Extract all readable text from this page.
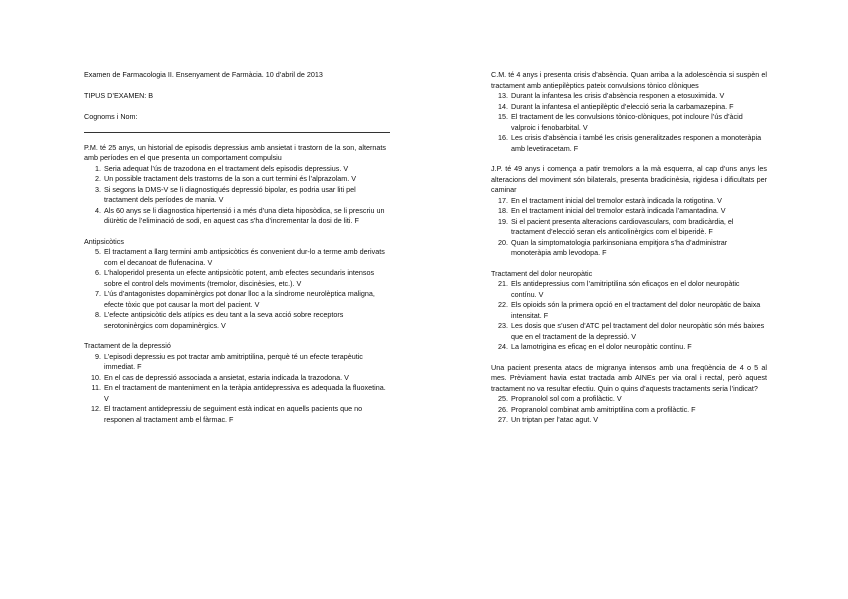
Examen de Farmacologia II. Ensenyament de Farmàcia. 10 d’abril de 2013

TIPUS D’EXAMEN: B

Cognoms i Nom:

P.M. té 25 anys, un historial de episodis depressius amb ansietat i trastorn de la son, alternats amb períodes en el que presenta un comportament compulsiu

1. Seria adequat l’ús de trazodona en el tractament dels episodis depressius. V
2. Un possible tractament dels trastorns de la son a curt termini és l’alprazolam. V
3. Si segons la DMS-V se li diagnostiqués depressió bipolar, es podria usar liti pel tractament dels períodes de mania. V
4. Als 60 anys se li diagnostica hipertensió i a més d’una dieta hiposòdica, se li prescriu un diürètic de l’eliminació de sodi, en aquest cas s’ha d’incrementar la dosi de liti. F

Antipsicòtics

5. El tractament a llarg termini amb antipsicòtics és convenient dur-lo a terme amb derivats com el decanoat de flufenacina. V
6. L’haloperidol presenta un efecte antipsicòtic potent, amb efectes secundaris intensos sobre el control dels moviments (tremolor, discinèsies, etc.). V
7. L’ús d’antagonistes dopaminèrgics pot donar lloc a la síndrome neurolèptica maligna, efecte tòxic que pot causar la mort del pacient. V
8. L’efecte antipsicòtic dels atípics es deu tant a la seva acció sobre receptors serotoninèrgics com dopaminèrgics. V

Tractament de la depressió

9. L’episodi depressiu es pot tractar amb amitriptilina, perquè té un efecte terapèutic immediat. F
10. En el cas de depressió associada a ansietat, estaria indicada la trazodona. V
11. En el tractament de manteniment en la teràpia antidepressiva es adequada la fluoxetina. V
12. El tractament antidepressiu de seguiment està indicat en aquells pacients que no responen al tractament amb el fàrmac. F

C.M. té 4 anys i presenta crisis d’absència. Quan arriba a la adolescència si suspèn el tractament amb antiepilèptics pateix convulsions tònico clòniques

13. Durant la infantesa les crisis d’absència responen a etosuximida. V
14. Durant la infantesa el antiepilèptic d’elecció seria la carbamazepina. F
15. El tractament de les convulsions tònico-clòniques, pot incloure l’ús d’àcid valproic i fenobarbital. V
16. Les crisis d’absència i també les crisis generalitzades responen a monoteràpia amb levetiracetam. F

J.P. té 49 anys i comença a patir tremolors a la mà esquerra, al cap d’uns anys les alteracions del moviment són bilaterals, presenta bradicinèsia, rigidesa i dificultats per caminar

17. En el tractament inicial del tremolor estarà indicada la rotigotina. V
18. En el tractament inicial del tremolor estarà indicada l’amantadina. V
19. Si el pacient presenta alteracions cardiovasculars, com bradicàrdia, el tractament d’elecció seran els anticolinèrgics com el biperidè. F
20. Quan la simptomatologia parkinsoniana empitjora s’ha d’administrar monoteràpia amb levodopa. F

Tractament del dolor neuropàtic

21. Els antidepressius com l’amitriptilina són eficaços en el dolor neuropàtic contínu. V
22. Els opioids són la primera opció en el tractament del dolor neuropàtic de baixa intensitat. F
23. Les dosis que s’usen d’ATC pel tractament del dolor neuropàtic són més baixes que en el tractament de la depressió. V
24. La lamotrigina es eficaç en el dolor neuropàtic contínu. F

Una pacient presenta atacs de migranya intensos amb una freqüència de 4 o 5 al mes. Prèviament havia estat tractada amb AINEs per via oral i rectal, però aquest tractament no va resultar efectiu. Quin o quins d’aquests tractaments seria l’indicat?

25. Propranolol sol com a profilàctic. V
26. Propranolol combinat amb amitriptilina com a profilàctic. F
27. Un triptan per l’atac agut. V
